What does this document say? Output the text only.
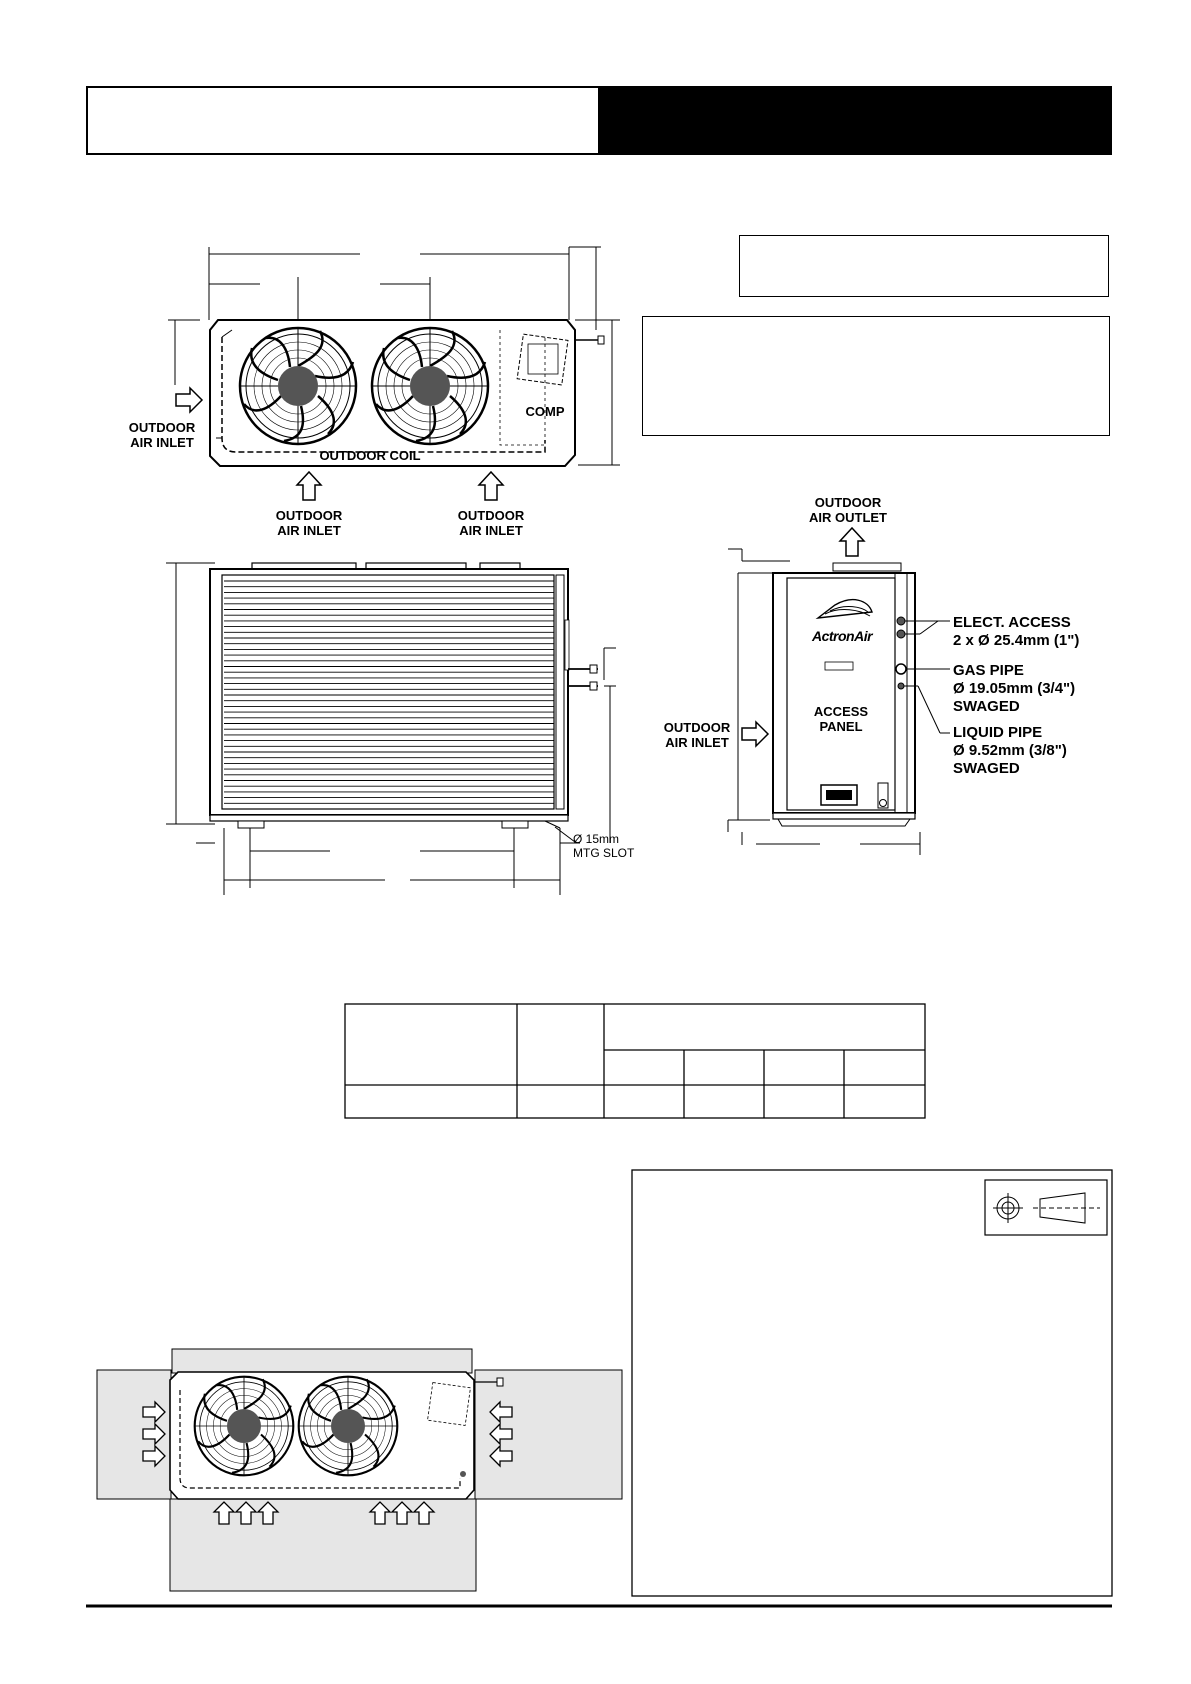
OUTDOOR
AIR INLET
COMP
OUTDOOR COIL
OUTDOOR
AIR INLET
OUTDOOR
AIR INLET
Ø 15mm
MTG SLOT
OUTDOOR
AIR OUTLET
OUTDOOR
AIR INLET
ActronAir
ACCESS
PANEL
ELECT. ACCESS
2 x Ø 25.4mm (1")
GAS PIPE
Ø 19.05mm (3/4")
SWAGED
LIQUID PIPE
Ø 9.52mm (3/8")
SWAGED
